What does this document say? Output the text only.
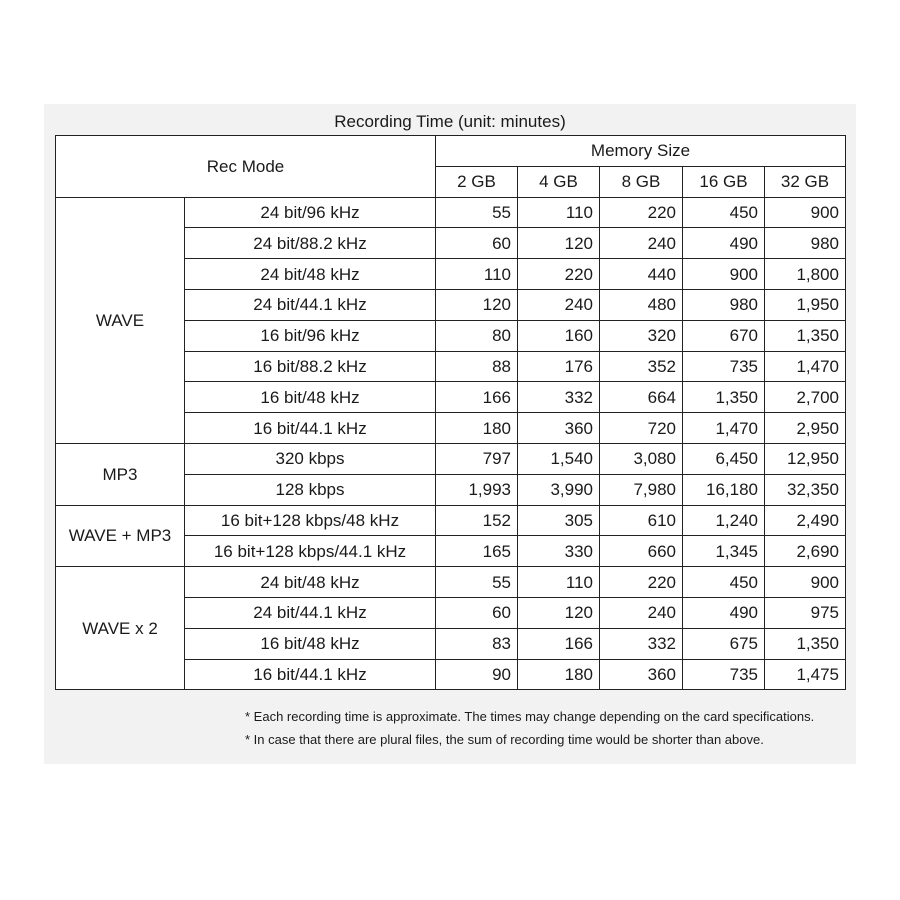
Recording Time (unit: minutes)
Rec Mode		Memory Size				
		2 GB	4 GB	8 GB	16 GB	32 GB
WAVE	24 bit/96 kHz	55	110	220	450	900
	24 bit/88.2 kHz	60	120	240	490	980
	24 bit/48 kHz	110	220	440	900	1,800
	24 bit/44.1 kHz	120	240	480	980	1,950
	16 bit/96 kHz	80	160	320	670	1,350
	16 bit/88.2 kHz	88	176	352	735	1,470
	16 bit/48 kHz	166	332	664	1,350	2,700
	16 bit/44.1 kHz	180	360	720	1,470	2,950
MP3	320 kbps	797	1,540	3,080	6,450	12,950
	128 kbps	1,993	3,990	7,980	16,180	32,350
WAVE + MP3	16 bit+128 kbps/48 kHz	152	305	610	1,240	2,490
	16 bit+128 kbps/44.1 kHz	165	330	660	1,345	2,690
WAVE x 2	24 bit/48 kHz	55	110	220	450	900
	24 bit/44.1 kHz	60	120	240	490	975
	16 bit/48 kHz	83	166	332	675	1,350
	16 bit/44.1 kHz	90	180	360	735	1,475
* Each recording time is approximate. The times may change depending on the card specifications.
* In case that there are plural files, the sum of recording time would be shorter than above.
